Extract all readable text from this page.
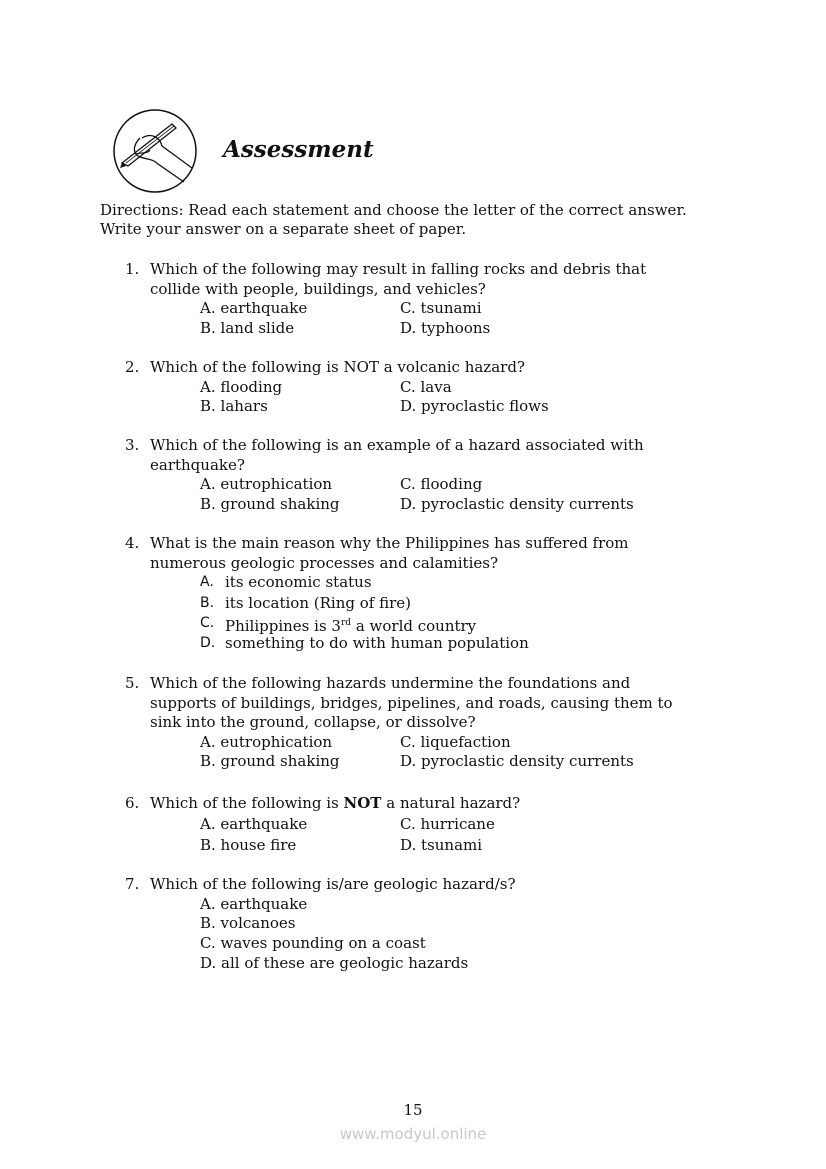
Assessment
Directions: Read each statement and choose the letter of the correct answer.
Write your answer on a separate sheet of paper.
1. Which of the following may result in falling rocks and debris that
collide with people, buildings, and vehicles?
A. earthquake	C. tsunami
B. land slide	D. typhoons
2. Which of the following is NOT a volcanic hazard?
A. flooding	C. lava
B. lahars	D. pyroclastic flows
3. Which of the following is an example of a hazard associated with
earthquake?
A. eutrophication	C. flooding
B. ground shaking	D. pyroclastic density currents
4. What is the main reason why the Philippines has suffered from
numerous geologic processes and calamities?
A. its economic status
B. its location (Ring of fire)
C. Philippines is 3rd a world country
D. something to do with human population
5. Which of the following hazards undermine the foundations and
supports of buildings, bridges, pipelines, and roads, causing them to
sink into the ground, collapse, or dissolve?
A. eutrophication	C. liquefaction
B. ground shaking	D. pyroclastic density currents
6. Which of the following is NOT a natural hazard?
A. earthquake	C. hurricane
B. house fire	D. tsunami
7. Which of the following is/are geologic hazard/s?
A. earthquake
B. volcanoes
C. waves pounding on a coast
D. all of these are geologic hazards
15
www.modyul.online
